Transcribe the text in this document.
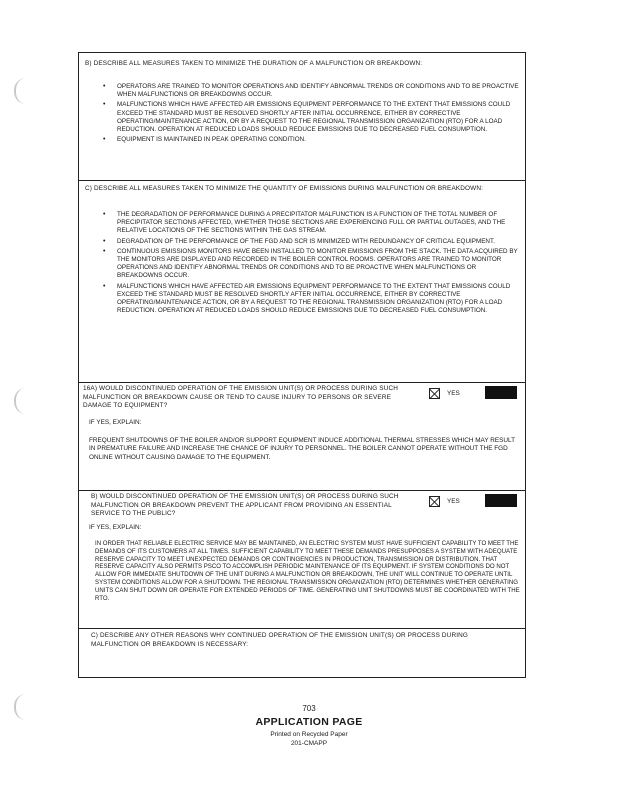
B) DESCRIBE ALL MEASURES TAKEN TO MINIMIZE THE DURATION OF A MALFUNCTION OR BREAKDOWN:
• OPERATORS ARE TRAINED TO MONITOR OPERATIONS AND IDENTIFY ABNORMAL TRENDS OR CONDITIONS AND TO BE PROACTIVE WHEN MALFUNCTIONS OR BREAKDOWNS OCCUR.
• MALFUNCTIONS WHICH HAVE AFFECTED AIR EMISSIONS EQUIPMENT PERFORMANCE TO THE EXTENT THAT EMISSIONS COULD EXCEED THE STANDARD MUST BE RESOLVED SHORTLY AFTER INITIAL OCCURRENCE, EITHER BY CORRECTIVE OPERATING/MAINTENANCE ACTION, OR BY A REQUEST TO THE REGIONAL TRANSMISSION ORGANIZATION (RTO) FOR A LOAD REDUCTION. OPERATION AT REDUCED LOADS SHOULD REDUCE EMISSIONS DUE TO DECREASED FUEL CONSUMPTION.
• EQUIPMENT IS MAINTAINED IN PEAK OPERATING CONDITION.
C) DESCRIBE ALL MEASURES TAKEN TO MINIMIZE THE QUANTITY OF EMISSIONS DURING MALFUNCTION OR BREAKDOWN:
• THE DEGRADATION OF PERFORMANCE DURING A PRECIPITATOR MALFUNCTION IS A FUNCTION OF THE TOTAL NUMBER OF PRECIPITATOR SECTIONS AFFECTED, WHETHER THOSE SECTIONS ARE EXPERIENCING FULL OR PARTIAL OUTAGES, AND THE RELATIVE LOCATIONS OF THE SECTIONS WITHIN THE GAS STREAM.
• DEGRADATION OF THE PERFORMANCE OF THE FGD AND SCR IS MINIMIZED WITH REDUNDANCY OF CRITICAL EQUIPMENT.
• CONTINUOUS EMISSIONS MONITORS HAVE BEEN INSTALLED TO MONITOR EMISSIONS FROM THE STACK. THE DATA ACQUIRED BY THE MONITORS ARE DISPLAYED AND RECORDED IN THE BOILER CONTROL ROOMS. OPERATORS ARE TRAINED TO MONITOR OPERATIONS AND IDENTIFY ABNORMAL TRENDS OR CONDITIONS AND TO BE PROACTIVE WHEN MALFUNCTIONS OR BREAKDOWNS OCCUR.
• MALFUNCTIONS WHICH HAVE AFFECTED AIR EMISSIONS EQUIPMENT PERFORMANCE TO THE EXTENT THAT EMISSIONS COULD EXCEED THE STANDARD MUST BE RESOLVED SHORTLY AFTER INITIAL OCCURRENCE, EITHER BY CORRECTIVE OPERATING/MAINTENANCE ACTION, OR BY A REQUEST TO THE REGIONAL TRANSMISSION ORGANIZATION (RTO) FOR A LOAD REDUCTION. OPERATION AT REDUCED LOADS SHOULD REDUCE EMISSIONS DUE TO DECREASED FUEL CONSUMPTION.
16A) WOULD DISCONTINUED OPERATION OF THE EMISSION UNIT(S) OR PROCESS DURING SUCH MALFUNCTION OR BREAKDOWN CAUSE OR TEND TO CAUSE INJURY TO PERSONS OR SEVERE DAMAGE TO EQUIPMENT?
YES
IF YES, EXPLAIN:
FREQUENT SHUTDOWNS OF THE BOILER AND/OR SUPPORT EQUIPMENT INDUCE ADDITIONAL THERMAL STRESSES WHICH MAY RESULT IN PREMATURE FAILURE AND INCREASE THE CHANCE OF INJURY TO PERSONNEL. THE BOILER CANNOT OPERATE WITHOUT THE FGD ONLINE WITHOUT CAUSING DAMAGE TO THE EQUIPMENT.
B) WOULD DISCONTINUED OPERATION OF THE EMISSION UNIT(S) OR PROCESS DURING SUCH MALFUNCTION OR BREAKDOWN PREVENT THE APPLICANT FROM PROVIDING AN ESSENTIAL SERVICE TO THE PUBLIC?
YES
IF YES, EXPLAIN:
IN ORDER THAT RELIABLE ELECTRIC SERVICE MAY BE MAINTAINED, AN ELECTRIC SYSTEM MUST HAVE SUFFICIENT CAPABILITY TO MEET THE DEMANDS OF ITS CUSTOMERS AT ALL TIMES. SUFFICIENT CAPABILITY TO MEET THESE DEMANDS PRESUPPOSES A SYSTEM WITH ADEQUATE RESERVE CAPACITY TO MEET UNEXPECTED DEMANDS OR CONTINGENCIES IN PRODUCTION, TRANSMISSION OR DISTRIBUTION. THAT RESERVE CAPACITY ALSO PERMITS PSCO TO ACCOMPLISH PERIODIC MAINTENANCE OF ITS EQUIPMENT. IF SYSTEM CONDITIONS DO NOT ALLOW FOR IMMEDIATE SHUTDOWN OF THE UNIT DURING A MALFUNCTION OR BREAKDOWN, THE UNIT WILL CONTINUE TO OPERATE UNTIL SYSTEM CONDITIONS ALLOW FOR A SHUTDOWN. THE REGIONAL TRANSMISSION ORGANIZATION (RTO) DETERMINES WHETHER GENERATING UNITS CAN SHUT DOWN OR OPERATE FOR EXTENDED PERIODS OF TIME. GENERATING UNIT SHUTDOWNS MUST BE COORDINATED WITH THE RTO.
C) DESCRIBE ANY OTHER REASONS WHY CONTINUED OPERATION OF THE EMISSION UNIT(S) OR PROCESS DURING MALFUNCTION OR BREAKDOWN IS NECESSARY:
703
APPLICATION PAGE
Printed on Recycled Paper
201-CMAPP
